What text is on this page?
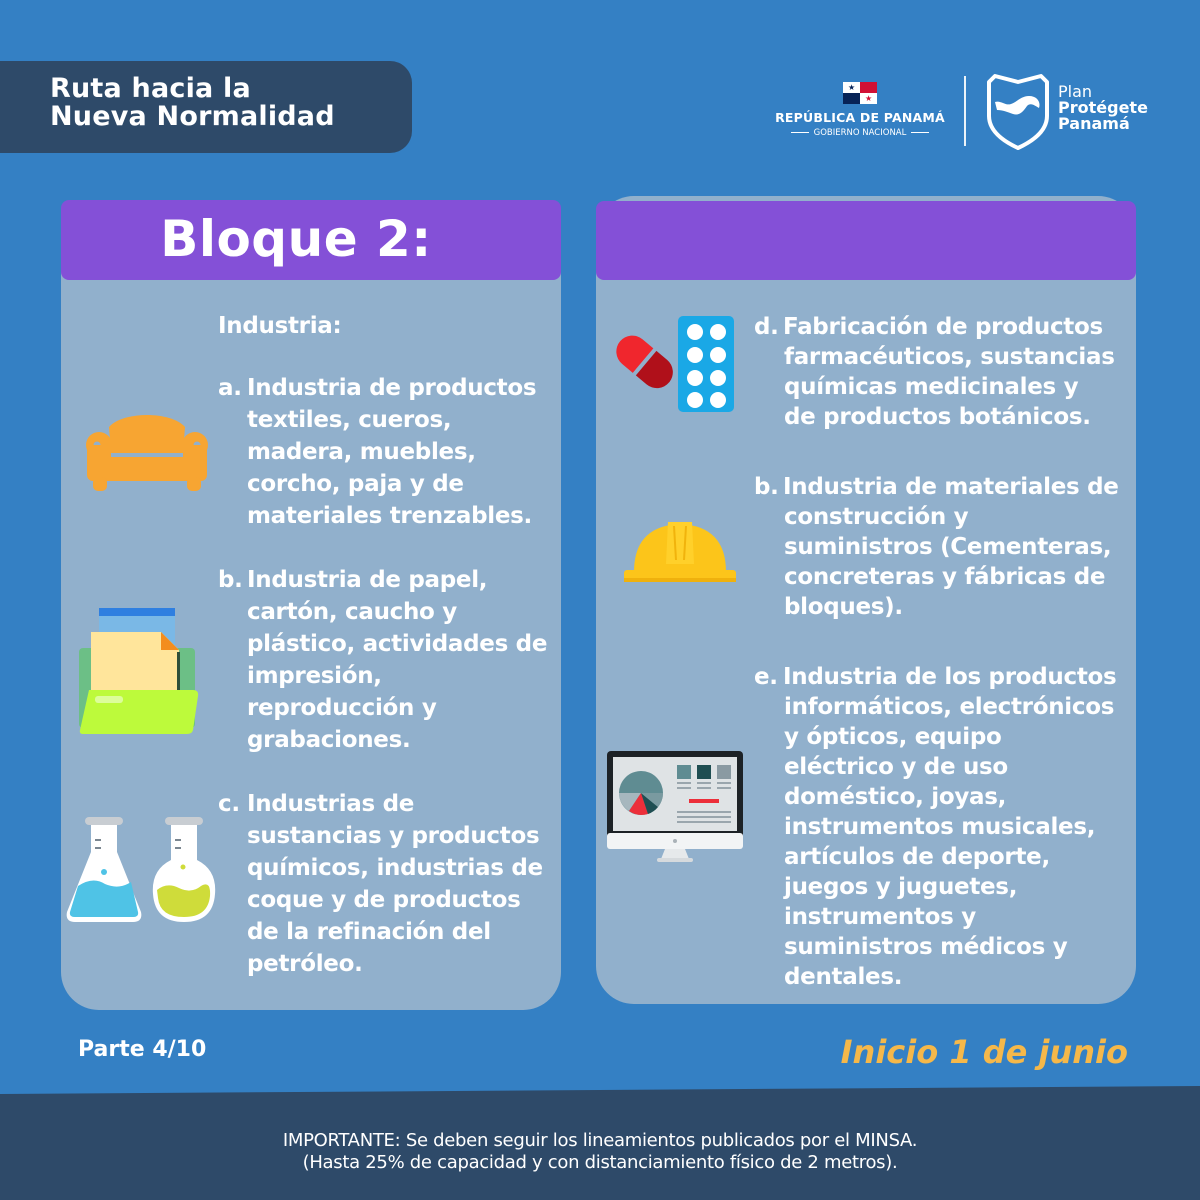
Ruta hacia la
Nueva Normalidad
★
★
REPÚBLICA DE PANAMÁ
GOBIERNO NACIONAL
Plan
Protégete
Panamá
Bloque 2:
Industria:
a. Industria de productos
textiles, cueros,
madera, muebles,
corcho, paja y de
materiales trenzables.
b. Industria de papel,
cartón, caucho y
plástico, actividades de
impresión,
reproducción y
grabaciones.
c. Industrias de
sustancias y productos
químicos, industrias de
coque y de productos
de la refinación del
petróleo.
d. Fabricación de productos
farmacéuticos, sustancias
químicas medicinales y
de productos botánicos.
b. Industria de materiales de
construcción y
suministros (Cementeras,
concreteras y fábricas de
bloques).
e. Industria de los productos
informáticos, electrónicos
y ópticos, equipo
eléctrico y de uso
doméstico, joyas,
instrumentos musicales,
artículos de deporte,
juegos y juguetes,
instrumentos y
suministros médicos y
dentales.
Parte 4/10	Inicio 1 de junio
IMPORTANTE: Se deben seguir los lineamientos publicados por el MINSA.
(Hasta 25% de capacidad y con distanciamiento físico de 2 metros).
